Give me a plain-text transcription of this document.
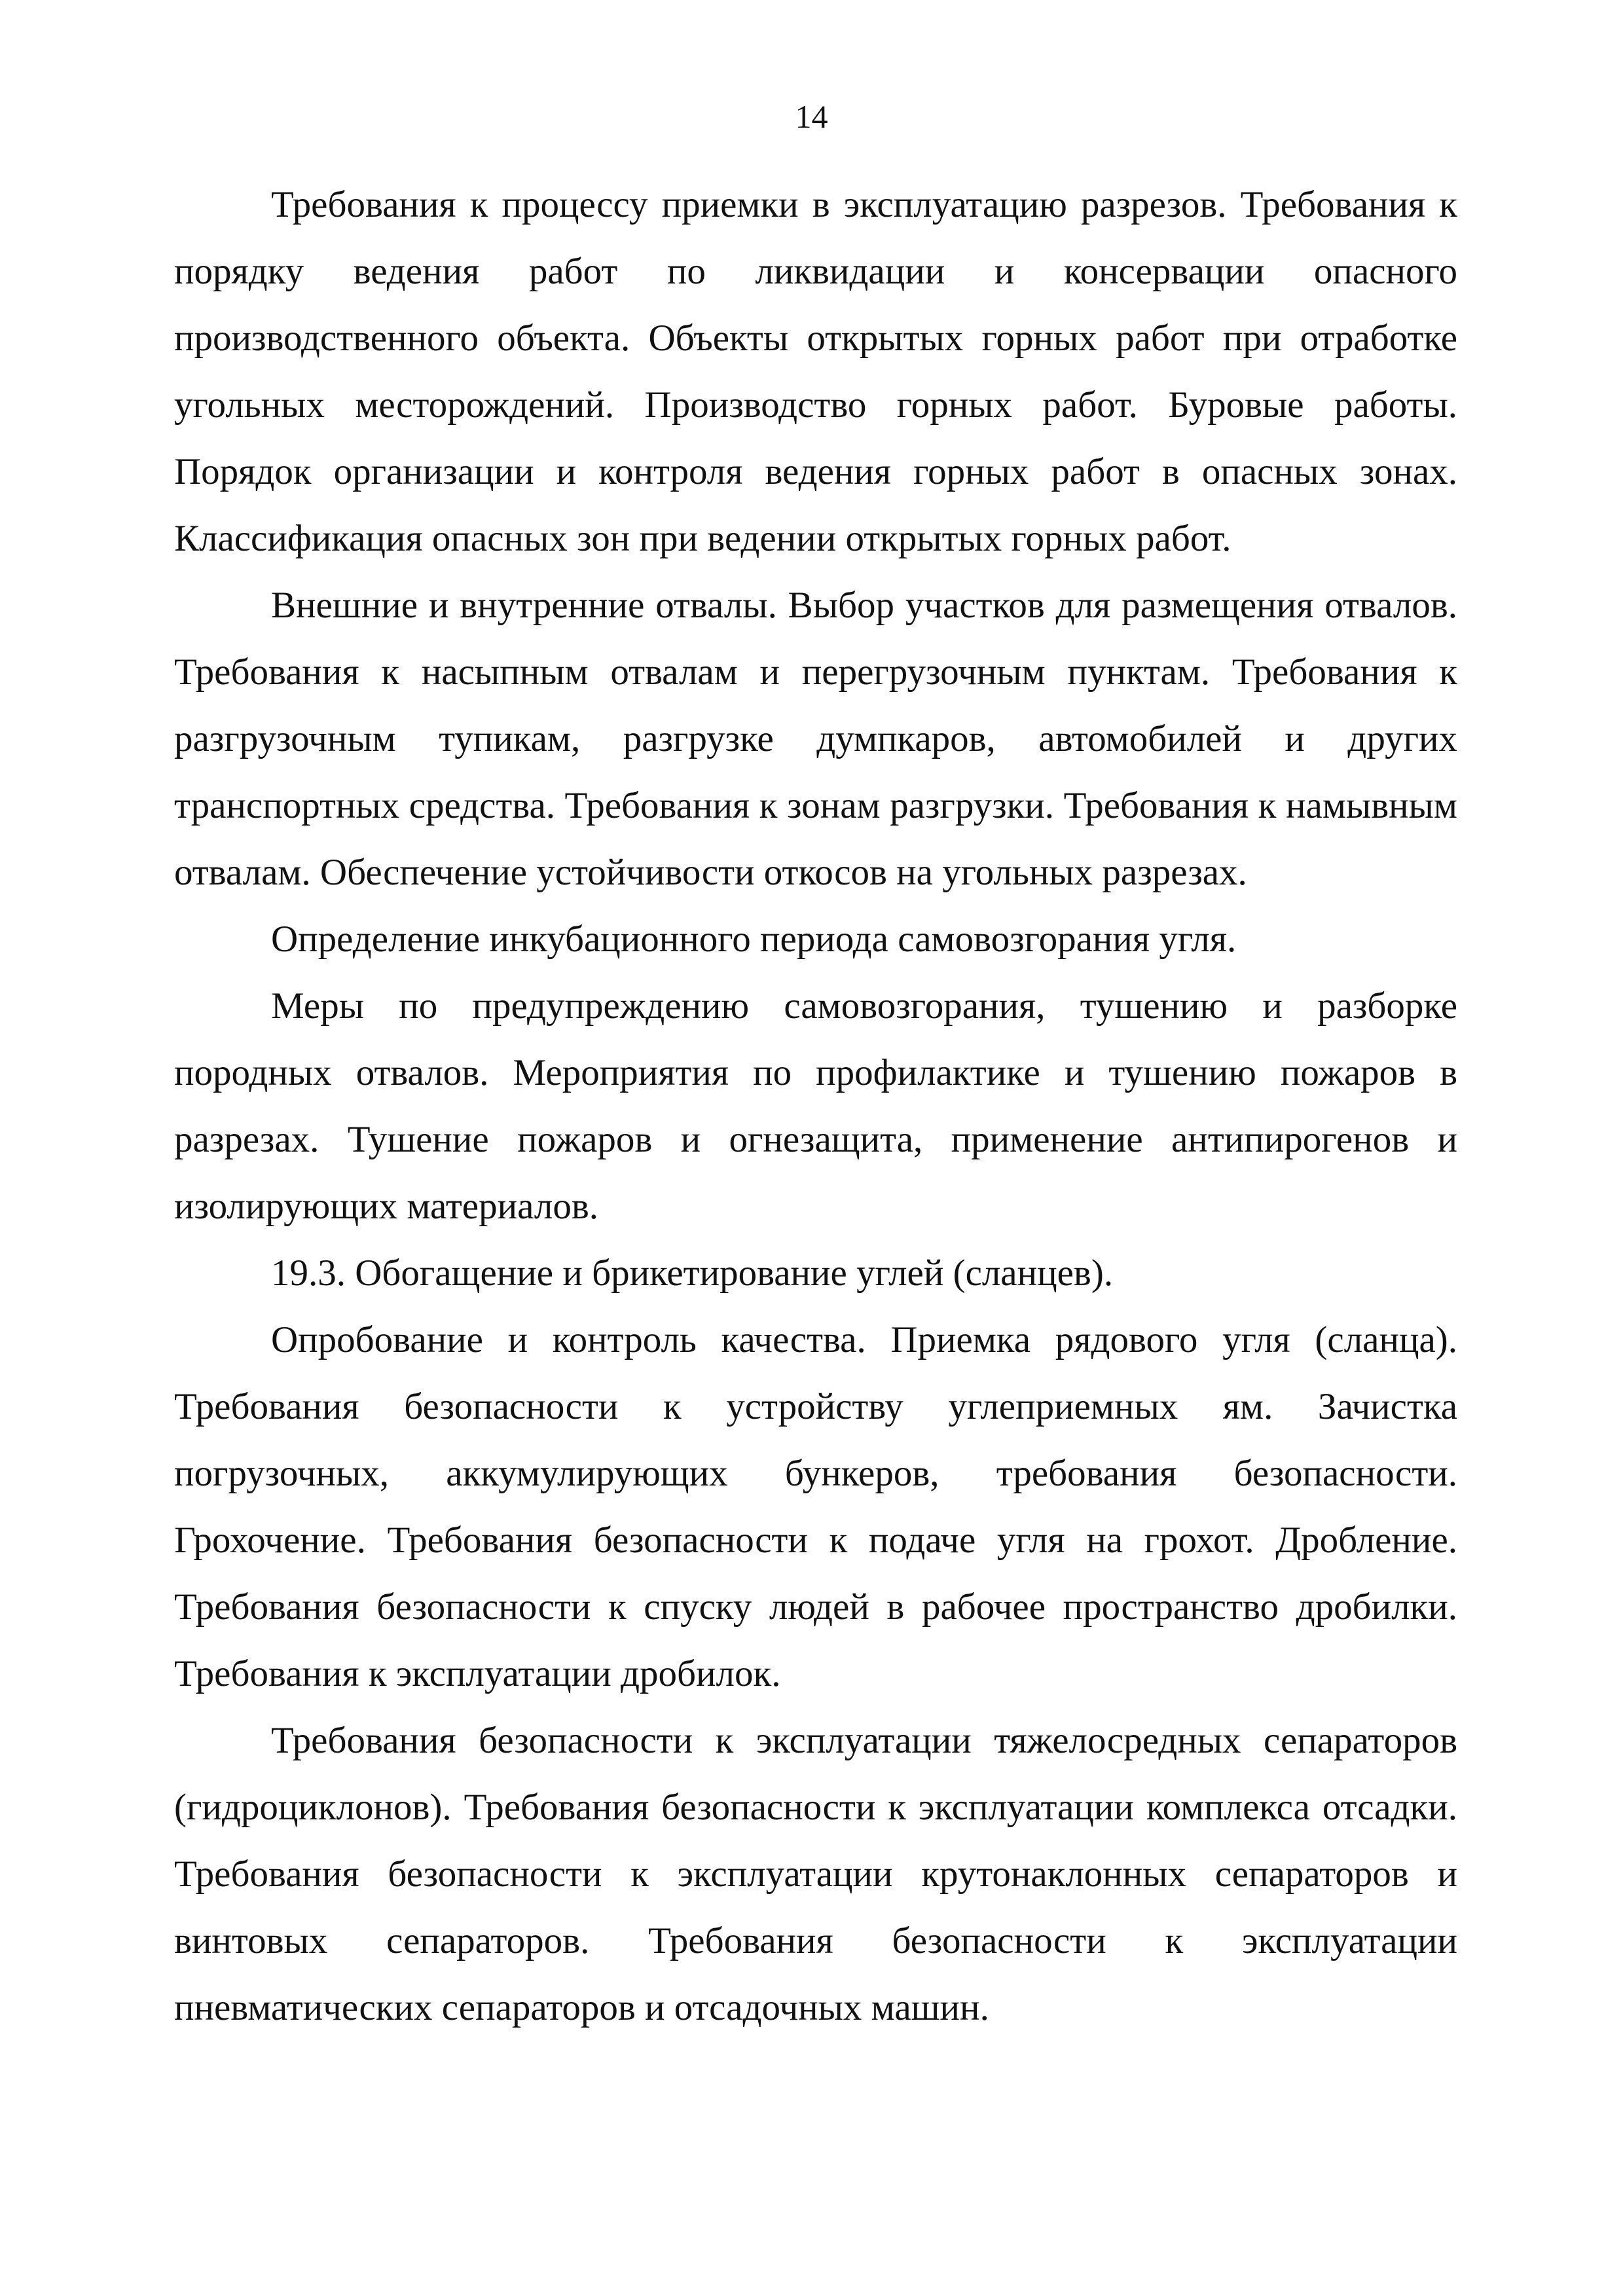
14

Требования к процессу приемки в эксплуатацию разрезов. Требования к порядку ведения работ по ликвидации и консервации опасного производственного объекта. Объекты открытых горных работ при отработке угольных месторождений. Производство горных работ. Буровые работы. Порядок организации и контроля ведения горных работ в опасных зонах. Классификация опасных зон при ведении открытых горных работ.

Внешние и внутренние отвалы. Выбор участков для размещения отвалов. Требования к насыпным отвалам и перегрузочным пунктам. Требования к разгрузочным тупикам, разгрузке думпкаров, автомобилей и других транспортных средства. Требования к зонам разгрузки. Требования к намывным отвалам. Обеспечение устойчивости откосов на угольных разрезах.

Определение инкубационного периода самовозгорания угля.

Меры по предупреждению самовозгорания, тушению и разборке породных отвалов. Мероприятия по профилактике и тушению пожаров в разрезах. Тушение пожаров и огнезащита, применение антипирогенов и изолирующих материалов.

19.3. Обогащение и брикетирование углей (сланцев).

Опробование и контроль качества. Приемка рядового угля (сланца). Требования безопасности к устройству углеприемных ям. Зачистка погрузочных, аккумулирующих бункеров, требования безопасности. Грохочение. Требования безопасности к подаче угля на грохот. Дробление. Требования безопасности к спуску людей в рабочее пространство дробилки. Требования к эксплуатации дробилок.

Требования безопасности к эксплуатации тяжелосредных сепараторов (гидроциклонов). Требования безопасности к эксплуатации комплекса отсадки. Требования безопасности к эксплуатации крутонаклонных сепараторов и винтовых сепараторов. Требования безопасности к эксплуатации пневматических сепараторов и отсадочных машин.
